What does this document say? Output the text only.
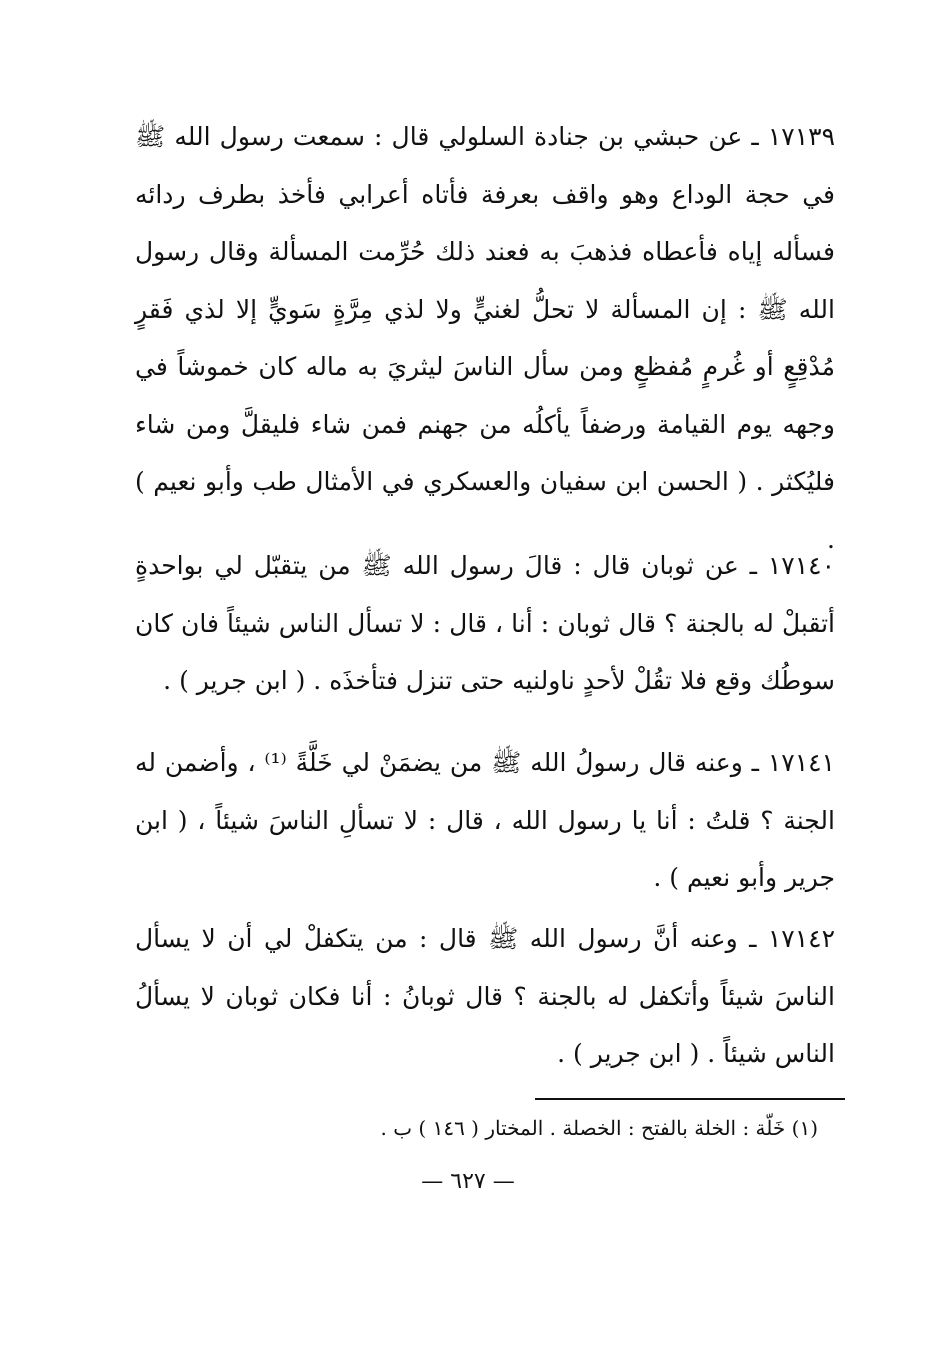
١٧١٣٩ ـ عن حبشي بن جنادة السلولي قال : سمعت رسول الله ﷺ في حجة الوداع وهو واقف بعرفة فأتاه أعرابي فأخذ بطرف ردائه فسأله إياه فأعطاه فذهبَ به فعند ذلك حُرِّمت المسألة وقال رسول الله ﷺ : إن المسألة لا تحلُّ لغنيٍّ ولا لذي مِرَّةٍ سَويٍّ إلا لذي فَقرٍ مُدْقِعٍ أو غُرمٍ مُفظعٍ ومن سأل الناسَ ليثريَ به ماله كان خموشاً في وجهه يوم القيامة ورضفاً يأكلُه من جهنم فمن شاء فليقلَّ ومن شاء فليُكثر . ( الحسن ابن سفيان والعسكري في الأمثال طب وأبو نعيم ) .

١٧١٤٠ ـ عن ثوبان قال : قالَ رسول الله ﷺ من يتقبّل لي بواحدةٍ أتقبلْ له بالجنة ؟ قال ثوبان : أنا ، قال : لا تسأل الناس شيئاً فان كان سوطُك وقع فلا تقُلْ لأحدٍ ناولنيه حتى تنزل فتأخذَه . ( ابن جرير ) .

١٧١٤١ ـ وعنه قال رسولُ الله ﷺ من يضمَنْ لي خَلَّةً ⁽¹⁾ ، وأضمن له الجنة ؟ قلتُ : أنا يا رسول الله ، قال : لا تسألِ الناسَ شيئاً ، ( ابن جرير وأبو نعيم ) .

١٧١٤٢ ـ وعنه أنَّ رسول الله ﷺ قال : من يتكفلْ لي أن لا يسأل الناسَ شيئاً وأتكفل له بالجنة ؟ قال ثوبانُ : أنا فكان ثوبان لا يسألُ الناس شيئاً . ( ابن جرير ) .

(١) خَلّة : الخلة بالفتح : الخصلة . المختار ( ١٤٦ ) ب .
— ٦٢٧ —
